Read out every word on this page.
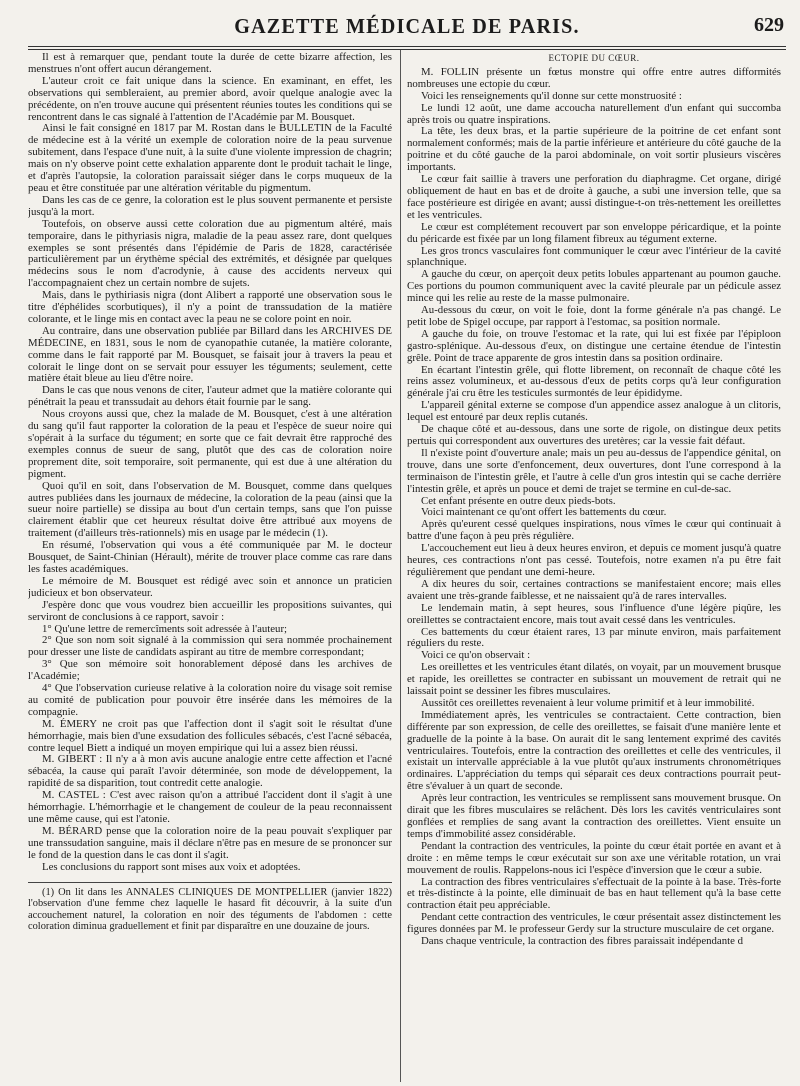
GAZETTE MÉDICALE DE PARIS.	629

Il est à remarquer que, pendant toute la durée de cette bizarre affection, les menstrues n'ont offert aucun dérangement.

L'auteur croit ce fait unique dans la science. En examinant, en effet, les observations qui sembleraient, au premier abord, avoir quelque analogie avec la précédente, on n'en trouve aucune qui présentent réunies toutes les conditions qui se rencontrent dans le cas signalé à l'attention de l'Académie par M. Bousquet.

Ainsi le fait consigné en 1817 par M. Rostan dans le BULLETIN de la Faculté de médecine est à la vérité un exemple de coloration noire de la peau survenue subitement, dans l'espace d'une nuit, à la suite d'une violente impression de chagrin; mais on n'y observe point cette exhalation apparente dont le produit tachait le linge, et d'après l'autopsie, la coloration paraissait siéger dans le corps muqueux de la peau et être constituée par une altération véritable du pigmentum.

Dans les cas de ce genre, la coloration est le plus souvent permanente et persiste jusqu'à la mort.

Toutefois, on observe aussi cette coloration due au pigmentum altéré, mais temporaire, dans le pithyriasis nigra, maladie de la peau assez rare, dont quelques exemples se sont présentés dans l'épidémie de Paris de 1828, caractérisée particulièrement par un érythème spécial des extrémités, et désignée par quelques médecins sous le nom d'acrodynie, à cause des accidents nerveux qui l'accompagnaient chez un certain nombre de sujets.

Mais, dans le pythiriasis nigra (dont Alibert a rapporté une observation sous le titre d'éphélides scorbutiques), il n'y a point de transsudation de la matière colorante, et le linge mis en contact avec la peau ne se colore point en noir.

Au contraire, dans une observation publiée par Billard dans les ARCHIVES DE MÉDECINE, en 1831, sous le nom de cyanopathie cutanée, la matière colorante, comme dans le fait rapporté par M. Bousquet, se faisait jour à travers la peau et colorait le linge dont on se servait pour essuyer les téguments; seulement, cette matière était bleue au lieu d'être noire.

Dans le cas que nous venons de citer, l'auteur admet que la matière colorante qui pénétrait la peau et transsudait au dehors était fournie par le sang.

Nous croyons aussi que, chez la malade de M. Bousquet, c'est à une altération du sang qu'il faut rapporter la coloration de la peau et l'espèce de sueur noire qui s'opérait à la surface du tégument; en sorte que ce fait devrait être rapproché des exemples connus de sueur de sang, plutôt que des cas de coloration noire proprement dite, soit temporaire, soit permanente, qui est due à une altération du pigment.

Quoi qu'il en soit, dans l'observation de M. Bousquet, comme dans quelques autres publiées dans les journaux de médecine, la coloration de la peau (ainsi que la sueur noire partielle) se dissipa au bout d'un certain temps, sans que l'on puisse clairement établir que cet heureux résultat doive être attribué aux moyens de traitement (d'ailleurs très-rationnels) mis en usage par le médecin (1).

En résumé, l'observation qui vous a été communiquée par M. le docteur Bousquet, de Saint-Chinian (Hérault), mérite de trouver place comme cas rare dans les fastes académiques.

Le mémoire de M. Bousquet est rédigé avec soin et annonce un praticien judicieux et bon observateur.

J'espère donc que vous voudrez bien accueillir les propositions suivantes, qui serviront de conclusions à ce rapport, savoir :

1° Qu'une lettre de remercîments soit adressée à l'auteur;

2° Que son nom soit signalé à la commission qui sera nommée prochainement pour dresser une liste de candidats aspirant au titre de membre correspondant;

3° Que son mémoire soit honorablement déposé dans les archives de l'Académie;

4° Que l'observation curieuse relative à la coloration noire du visage soit remise au comité de publication pour pouvoir être insérée dans les mémoires de la compagnie.

M. ÉMERY ne croit pas que l'affection dont il s'agit soit le résultat d'une hémorrhagie, mais bien d'une exsudation des follicules sébacés, c'est l'acné sébacéa, contre lequel Biett a indiqué un moyen empirique qui lui a assez bien réussi.

M. GIBERT : Il n'y a à mon avis aucune analogie entre cette affection et l'acné sébacéa, la cause qui paraît l'avoir déterminée, son mode de développement, la rapidité de sa disparition, tout contredit cette analogie.

M. CASTEL : C'est avec raison qu'on a attribué l'accident dont il s'agit à une hémorrhagie. L'hémorrhagie et le changement de couleur de la peau reconnaissent une même cause, qui est l'atonie.

M. BÉRARD pense que la coloration noire de la peau pouvait s'expliquer par une transsudation sanguine, mais il déclare n'être pas en mesure de se prononcer sur le fond de la question dans le cas dont il s'agit.

Les conclusions du rapport sont mises aux voix et adoptées.

(1) On lit dans les ANNALES CLINIQUES DE MONTPELLIER (janvier 1822) l'observation d'une femme chez laquelle le hasard fit découvrir, à la suite d'un accouchement naturel, la coloration en noir des téguments de l'abdomen : cette coloration diminua graduellement et finit par disparaître en une douzaine de jours.

ECTOPIE DU CŒUR.

M. FOLLIN présente un fœtus monstre qui offre entre autres difformités nombreuses une ectopie du cœur.

Voici les renseignements qu'il donne sur cette monstruosité :

Le lundi 12 août, une dame accoucha naturellement d'un enfant qui succomba après trois ou quatre inspirations.

La tête, les deux bras, et la partie supérieure de la poitrine de cet enfant sont normalement conformés; mais de la partie inférieure et antérieure du côté gauche de la poitrine et du côté gauche de la paroi abdominale, on voit sortir plusieurs viscères importants.

Le cœur fait saillie à travers une perforation du diaphragme. Cet organe, dirigé obliquement de haut en bas et de droite à gauche, a subi une inversion telle, que sa face postérieure est dirigée en avant; aussi distingue-t-on très-nettement les oreillettes et les ventricules.

Le cœur est complétement recouvert par son enveloppe péricardique, et la pointe du péricarde est fixée par un long filament fibreux au tégument externe.

Les gros troncs vasculaires font communiquer le cœur avec l'intérieur de la cavité splanchnique.

A gauche du cœur, on aperçoit deux petits lobules appartenant au poumon gauche. Ces portions du poumon communiquent avec la cavité pleurale par un pédicule assez mince qui les relie au reste de la masse pulmonaire.

Au-dessous du cœur, on voit le foie, dont la forme générale n'a pas changé. Le petit lobe de Spigel occupe, par rapport à l'estomac, sa position normale.

A gauche du foie, on trouve l'estomac et la rate, qui lui est fixée par l'épiploon gastro-splénique. Au-dessous d'eux, on distingue une certaine étendue de l'intestin grêle. Point de trace apparente de gros intestin dans sa position ordinaire.

En écartant l'intestin grêle, qui flotte librement, on reconnaît de chaque côté les reins assez volumineux, et au-dessous d'eux de petits corps qu'à leur configuration générale j'ai cru être les testicules surmontés de leur épididyme.

L'appareil génital externe se compose d'un appendice assez analogue à un clitoris, lequel est entouré par deux replis cutanés.

De chaque côté et au-dessous, dans une sorte de rigole, on distingue deux petits pertuis qui correspondent aux ouvertures des uretères; car la vessie fait défaut.

Il n'existe point d'ouverture anale; mais un peu au-dessus de l'appendice génital, on trouve, dans une sorte d'enfoncement, deux ouvertures, dont l'une correspond à la terminaison de l'intestin grêle, et l'autre à celle d'un gros intestin qui se cache derrière l'intestin grêle, et après un pouce et demi de trajet se termine en cul-de-sac.

Cet enfant présente en outre deux pieds-bots.

Voici maintenant ce qu'ont offert les battements du cœur.

Après qu'eurent cessé quelques inspirations, nous vîmes le cœur qui continuait à battre d'une façon à peu près régulière.

L'accouchement eut lieu à deux heures environ, et depuis ce moment jusqu'à quatre heures, ces contractions n'ont pas cessé. Toutefois, notre examen n'a pu être fait régulièrement que pendant une demi-heure.

A dix heures du soir, certaines contractions se manifestaient encore; mais elles avaient une très-grande faiblesse, et ne naissaient qu'à de rares intervalles.

Le lendemain matin, à sept heures, sous l'influence d'une légère piqûre, les oreillettes se contractaient encore, mais tout avait cessé dans les ventricules.

Ces battements du cœur étaient rares, 13 par minute environ, mais parfaitement réguliers du reste.

Voici ce qu'on observait :

Les oreillettes et les ventricules étant dilatés, on voyait, par un mouvement brusque et rapide, les oreillettes se contracter en subissant un mouvement de retrait qui ne laissait point se dessiner les fibres musculaires.

Aussitôt ces oreillettes revenaient à leur volume primitif et à leur immobilité.

Immédiatement après, les ventricules se contractaient. Cette contraction, bien différente par son expression, de celle des oreillettes, se faisait d'une manière lente et graduelle de la pointe à la base. On aurait dit le sang lentement exprimé des cavités ventriculaires. Toutefois, entre la contraction des oreillettes et celle des ventricules, il existait un intervalle appréciable à la vue plutôt qu'aux instruments chronométriques ordinaires. L'appréciation du temps qui séparait ces deux contractions pourrait peut-être s'évaluer à un quart de seconde.

Après leur contraction, les ventricules se remplissent sans mouvement brusque. On dirait que les fibres musculaires se relâchent. Dès lors les cavités ventriculaires sont gonflées et remplies de sang avant la contraction des oreillettes. Vient ensuite un temps d'immobilité assez considérable.

Pendant la contraction des ventricules, la pointe du cœur était portée en avant et à droite : en même temps le cœur exécutait sur son axe une véritable rotation, un vrai mouvement de roulis. Rappelons-nous ici l'espèce d'inversion que le cœur a subie.

La contraction des fibres ventriculaires s'effectuait de la pointe à la base. Très-forte et très-distincte à la pointe, elle diminuait de bas en haut tellement qu'à la base cette contraction était peu appréciable.

Pendant cette contraction des ventricules, le cœur présentait assez distinctement les figures données par M. le professeur Gerdy sur la structure musculaire de cet organe.

Dans chaque ventricule, la contraction des fibres paraissait indépendante d
